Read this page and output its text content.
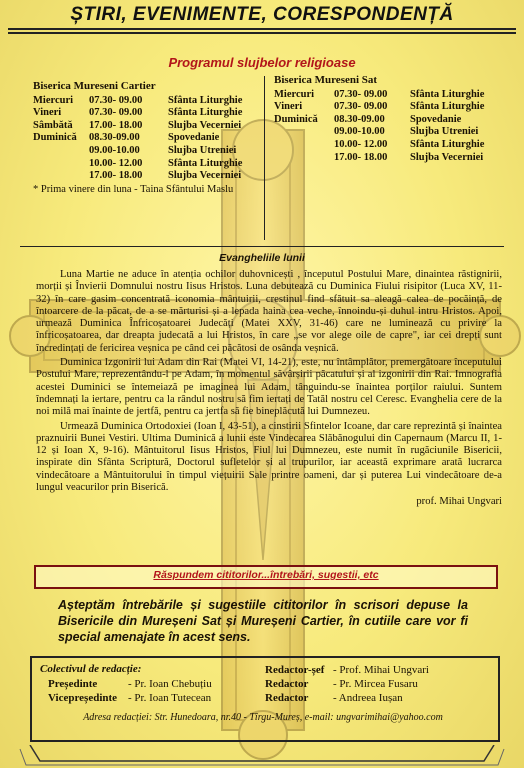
ȘTIRI, EVENIMENTE, CORESPONDENȚĂ
Programul slujbelor religioase
Biserica Mureseni Cartier
Miercuri	07.30- 09.00	Sfânta Liturghie
Vineri	07.30- 09.00	Sfânta Liturghie
Sâmbătă	17.00- 18.00	Slujba Vecerniei
Duminică	08.30-09.00	Spovedanie
09.00-10.00	Slujba Utreniei
10.00- 12.00	Sfânta Liturghie
17.00- 18.00	Slujba Vecerniei
* Prima vinere din luna - Taina Sfântului Maslu
Biserica Mureseni Sat
Miercuri	07.30- 09.00	Sfânta Liturghie
Vineri	07.30- 09.00	Sfânta Liturghie
Duminică	08.30-09.00	Spovedanie
09.00-10.00	Slujba Utreniei
10.00- 12.00	Sfânta Liturghie
17.00- 18.00	Slujba Vecerniei
Evangheliile lunii

Luna Martie ne aduce în atenția ochilor duhovnicești , începutul Postului Mare, dinaintea răstignirii, morții și Învierii Domnului nostru Iisus Hristos. Luna debutează cu Duminica Fiului risipitor (Luca XV, 11-32) în care gasim concentrată iconomia mântuirii, crestinul find sfătuit sa aleagă calea de pocăință, de întoarcere de la păcat, de a se mărturisi și a lepada haina cea veche, înnoindu-și duhul intru Hristos. Apoi, urmează Duminica Înfricoșatoarei Judecăți (Matei XXV, 31-46) care ne luminează cu privire la înfricoșatoarea, dar dreapta judecată a lui Hristos, în care „se vor alege oile de capre", iar cei drepți sunt încredințați de fericirea veșnica pe când cei păcătosi de osânda veșnică.

Duminica Izgonirii lui Adam din Rai (Matei VI, 14-21), este, nu întâmplător, premergătoare începutului Postului Mare, reprezentându-l pe Adam, în momentul săvârșirii păcatului și al izgonirii din Rai. Imnografia acestei Duminici se întemeiază pe imaginea lui Adam, tânguindu-se înaintea porților raiului. Suntem îndemnați la iertare, pentru ca la rândul nostru să fim iertați de Tatăl nostru cel Ceresc. Evanghelia cere de la noi milă mai înainte de jertfă, pentru ca jertfa să fie bineplăcută lui Dumnezeu.

Urmează Duminica Ortodoxiei (Ioan I, 43-51), a cinstirii Sfintelor Icoane, dar care reprezintă și înaintea praznuirii Bunei Vestiri. Ultima Duminică a lunii este Vindecarea Slăbănogului din Capernaum (Marcu II, 1-12 și Ioan X, 9-16). Mântuitorul Iisus Hristos, Fiul lui Dumnezeu, este numit în rugăciunile Bisericii, inspirate din Sfânta Scriptură, Doctorul sufletelor și al trupurilor, iar această exprimare arată lucrarca vindecătoare a Mântuitorului în timpul viețuirii Sale printre oameni, dar și puterea Lui vindecătoare de-a lungul veacurilor prin Biserică.

prof. Mihai Ungvari

Răspundem cititorilor...întrebări, sugestii, etc
Așteptăm întrebările și sugestiile cititorilor în scrisori depuse la Bisericile din Mureșeni Sat și Mureșeni Cartier, în cutiile care vor fi special amenajate în acest sens.
Colectivul de redacție:
Președinte	- Pr. Ioan Chebuțiu
Vicepreședinte - Pr. Ioan Tutecean
Redactor-șef - Prof. Mihai Ungvari
Redactor	- Pr. Mircea Fusaru
Redactor	- Andreea Iușan
Adresa redacției: Str. Hunedoara, nr.40 - Tîrgu-Mureș, e-mail: ungvarimihai@yahoo.com
